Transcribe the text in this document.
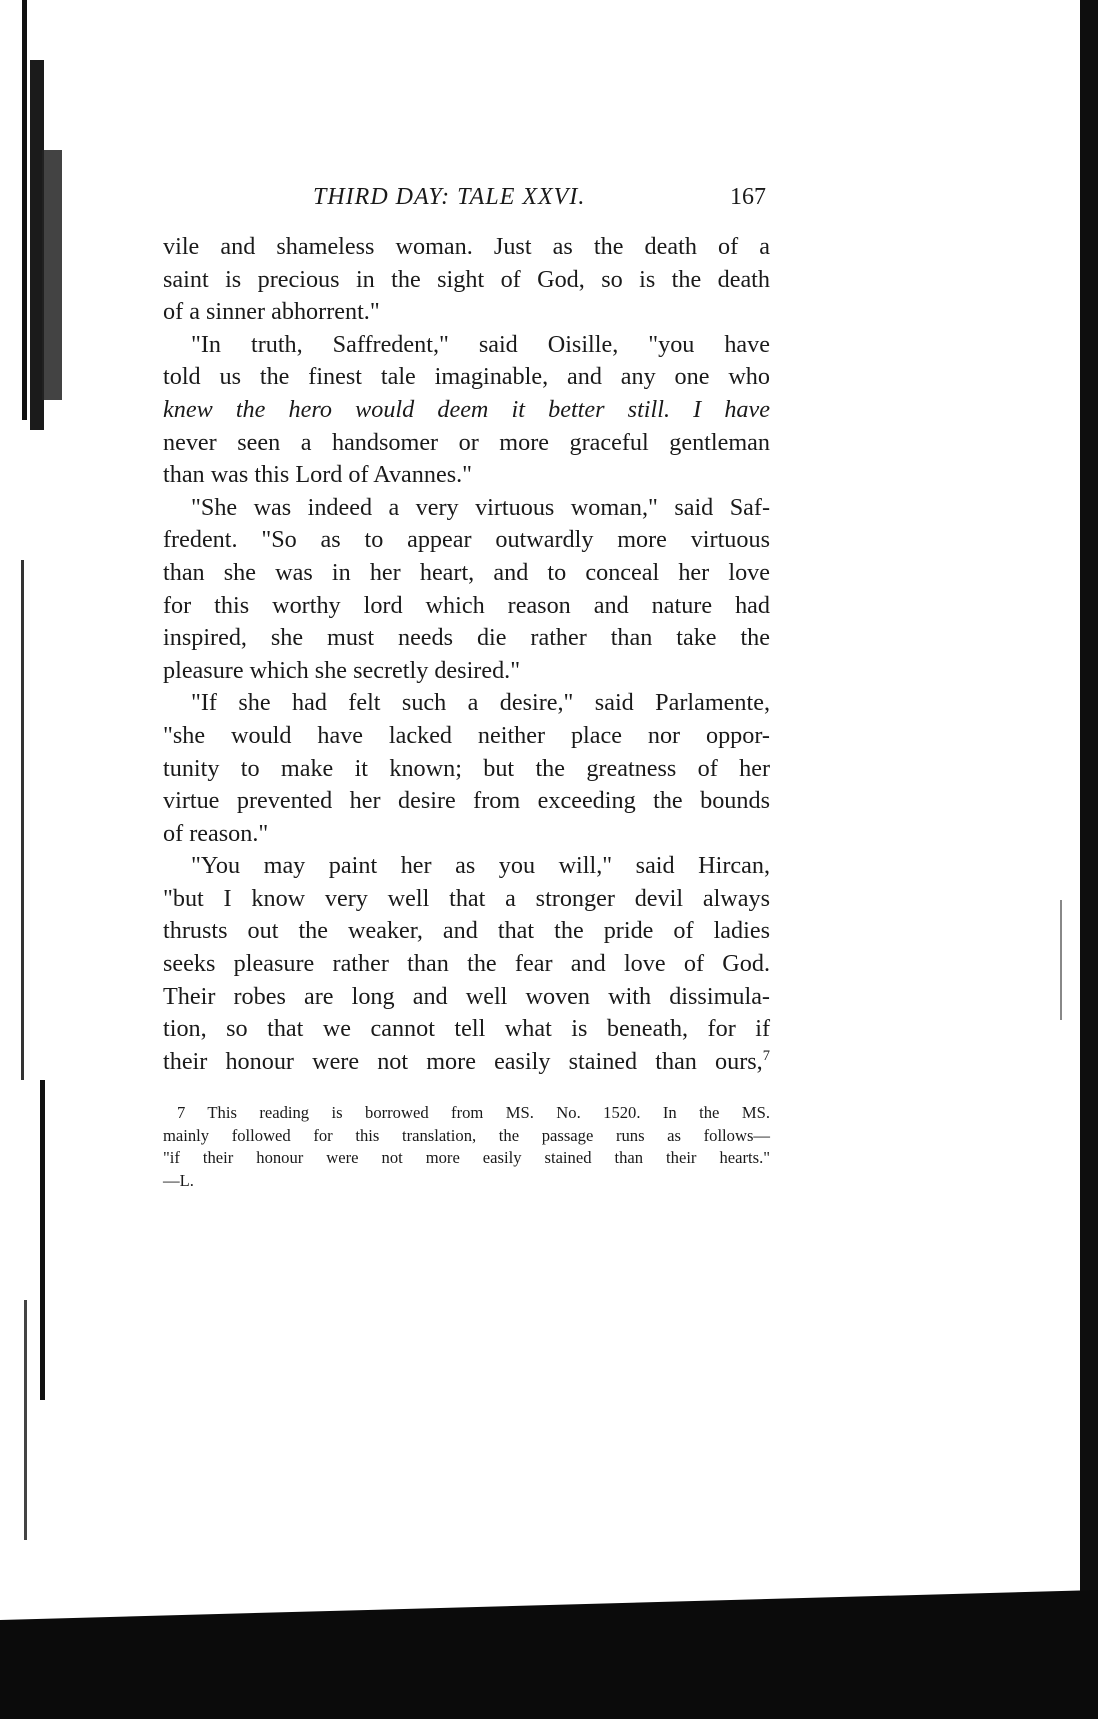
THIRD DAY: TALE XXVI.	167
vile and shameless woman. Just as the death of a
saint is precious in the sight of God, so is the death
of a sinner abhorrent."
"In truth, Saffredent," said Oisille, "you have
told us the finest tale imaginable, and any one who
knew the hero would deem it better still. I have
never seen a handsomer or more graceful gentleman
than was this Lord of Avannes."
"She was indeed a very virtuous woman," said Saf-
fredent. "So as to appear outwardly more virtuous
than she was in her heart, and to conceal her love
for this worthy lord which reason and nature had
inspired, she must needs die rather than take the
pleasure which she secretly desired."
"If she had felt such a desire," said Parlamente,
"she would have lacked neither place nor oppor-
tunity to make it known; but the greatness of her
virtue prevented her desire from exceeding the bounds
of reason."
"You may paint her as you will," said Hircan,
"but I know very well that a stronger devil always
thrusts out the weaker, and that the pride of ladies
seeks pleasure rather than the fear and love of God.
Their robes are long and well woven with dissimula-
tion, so that we cannot tell what is beneath, for if
their honour were not more easily stained than ours,$^7$
7 This reading is borrowed from MS. No. 1520. In the MS.
mainly followed for this translation, the passage runs as follows—
"if their honour were not more easily stained than their hearts."
—L.
